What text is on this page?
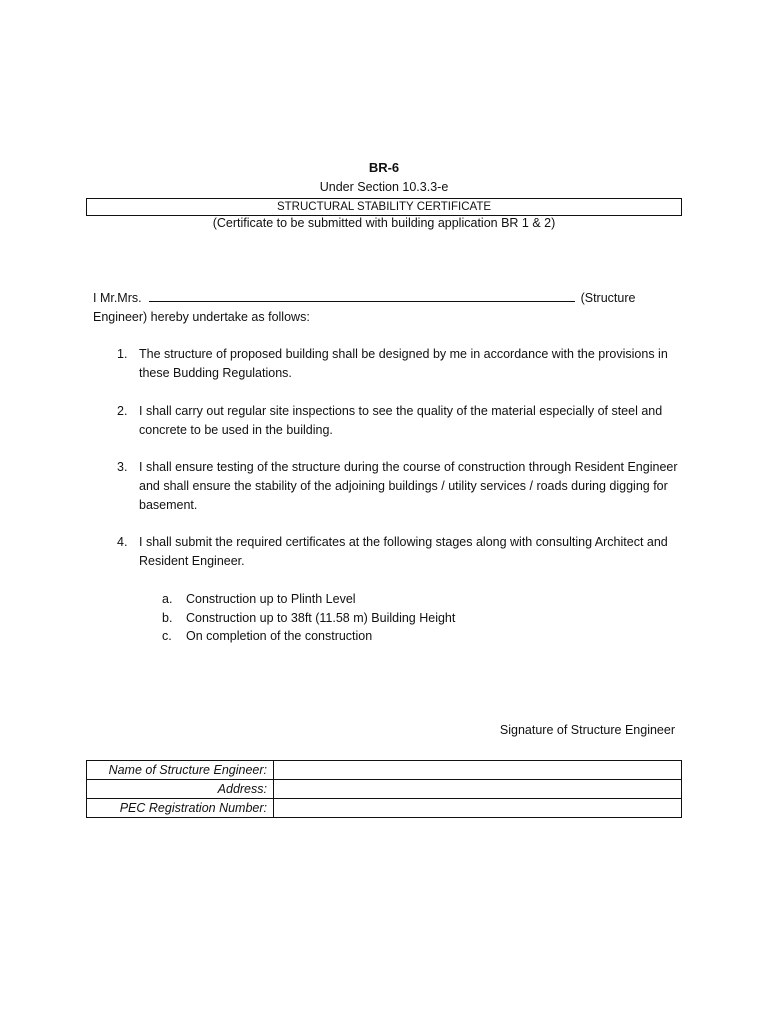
BR-6
Under Section 10.3.3-e
STRUCTURAL STABILITY CERTIFICATE
(Certificate to be submitted with building application BR 1 & 2)
I Mr.Mrs.	(Structure
Engineer) hereby undertake as follows:
1. The structure of proposed building shall be designed by me in accordance with the provisions in these Budding Regulations.
2. I shall carry out regular site inspections to see the quality of the material especially of steel and concrete to be used in the building.
3. I shall ensure testing of the structure during the course of construction through Resident Engineer and shall ensure the stability of the adjoining buildings / utility services / roads during digging for basement.
4. I shall submit the required certificates at the following stages along with consulting Architect and Resident Engineer.
a. Construction up to Plinth Level
b. Construction up to 38ft (11.58 m) Building Height
c. On completion of the construction
Signature of Structure Engineer
Name of Structure Engineer:	
Address:	
PEC Registration Number:	
